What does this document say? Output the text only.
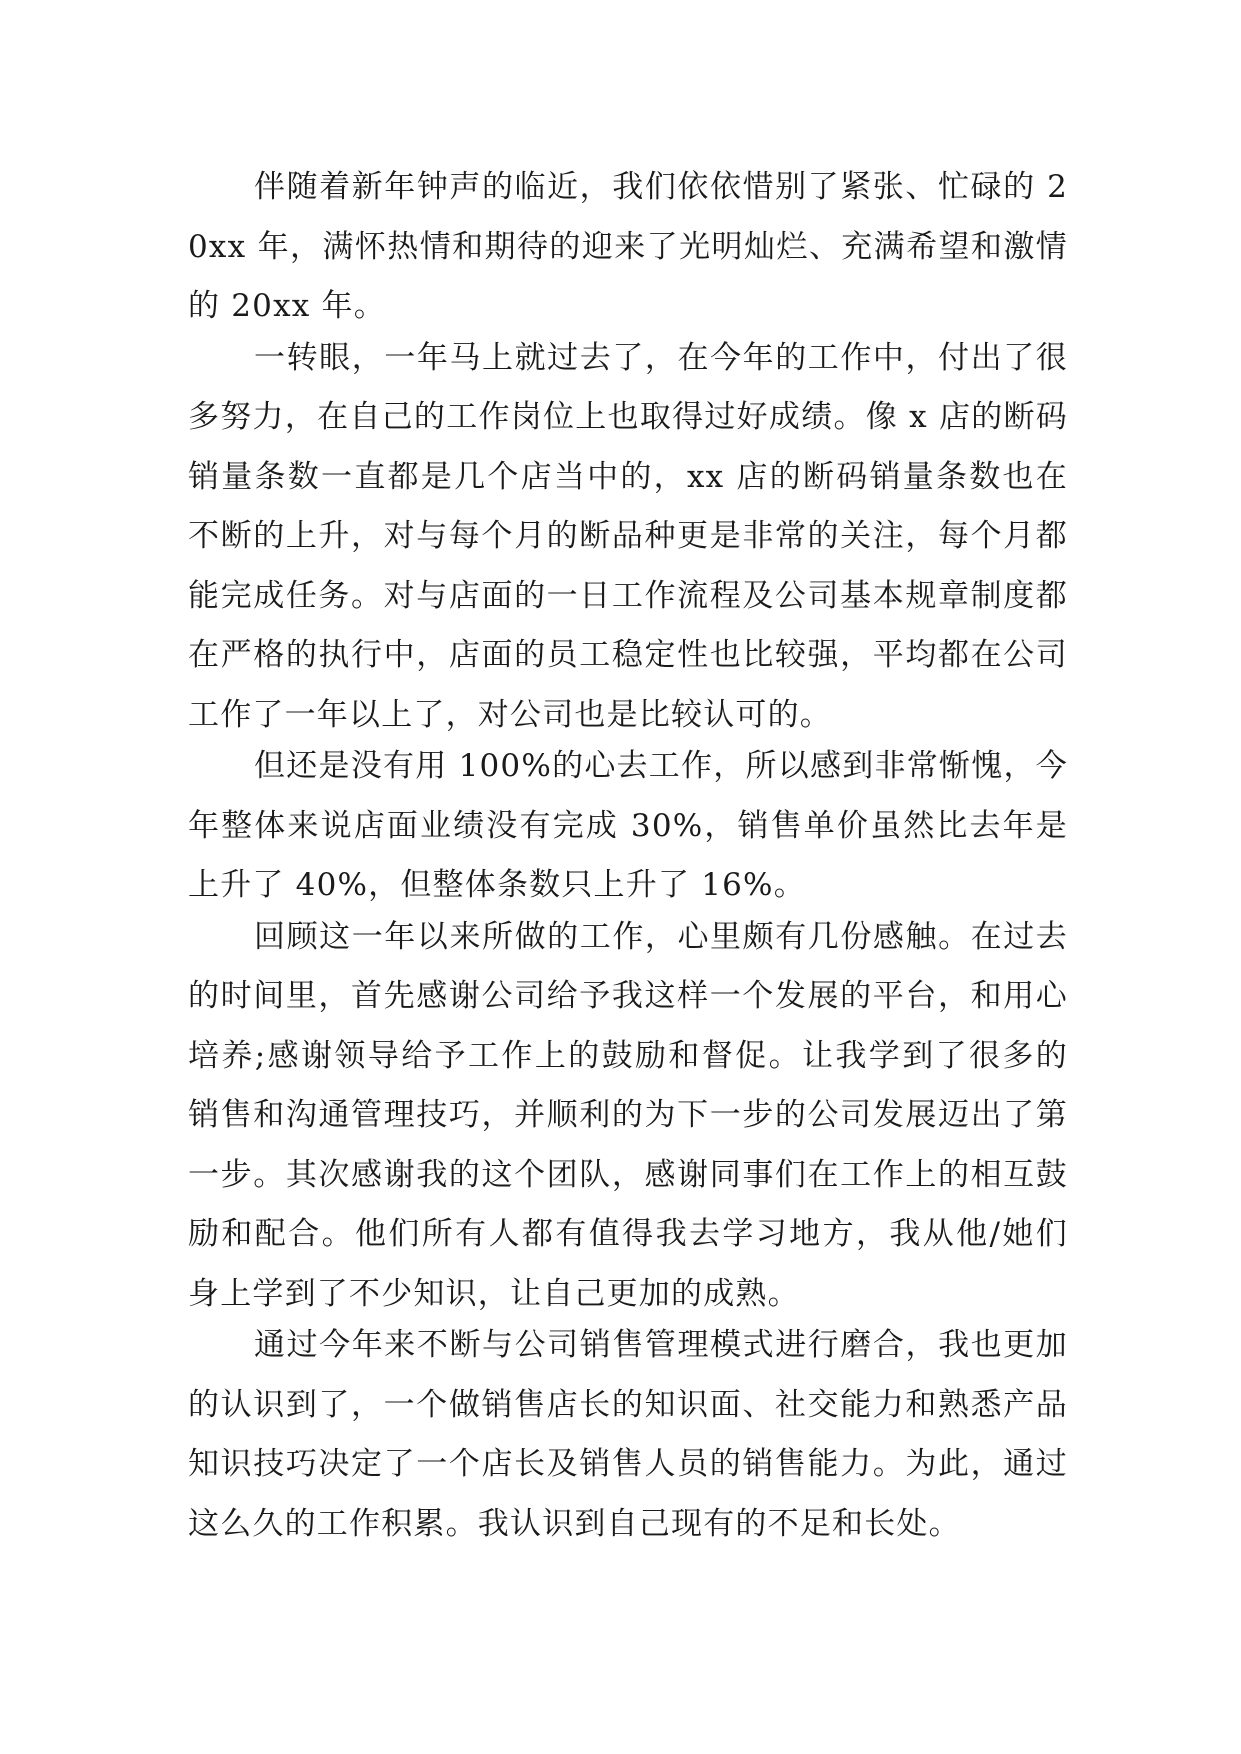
伴随着新年钟声的临近，我们依依惜别了紧张、忙碌的 20xx 年，满怀热情和期待的迎来了光明灿烂、充满希望和激情的 20xx 年。

一转眼，一年马上就过去了，在今年的工作中，付出了很多努力，在自己的工作岗位上也取得过好成绩。像 x 店的断码销量条数一直都是几个店当中的，xx 店的断码销量条数也在不断的上升，对与每个月的断品种更是非常的关注，每个月都能完成任务。对与店面的一日工作流程及公司基本规章制度都在严格的执行中，店面的员工稳定性也比较强，平均都在公司工作了一年以上了，对公司也是比较认可的。

但还是没有用 100%的心去工作，所以感到非常惭愧，今年整体来说店面业绩没有完成 30%，销售单价虽然比去年是上升了 40%，但整体条数只上升了 16%。

回顾这一年以来所做的工作，心里颇有几份感触。在过去的时间里，首先感谢公司给予我这样一个发展的平台，和用心培养;感谢领导给予工作上的鼓励和督促。让我学到了很多的销售和沟通管理技巧，并顺利的为下一步的公司发展迈出了第一步。其次感谢我的这个团队，感谢同事们在工作上的相互鼓励和配合。他们所有人都有值得我去学习地方，我从他/她们身上学到了不少知识，让自己更加的成熟。

通过今年来不断与公司销售管理模式进行磨合，我也更加的认识到了，一个做销售店长的知识面、社交能力和熟悉产品知识技巧决定了一个店长及销售人员的销售能力。为此，通过这么久的工作积累。我认识到自己现有的不足和长处。
